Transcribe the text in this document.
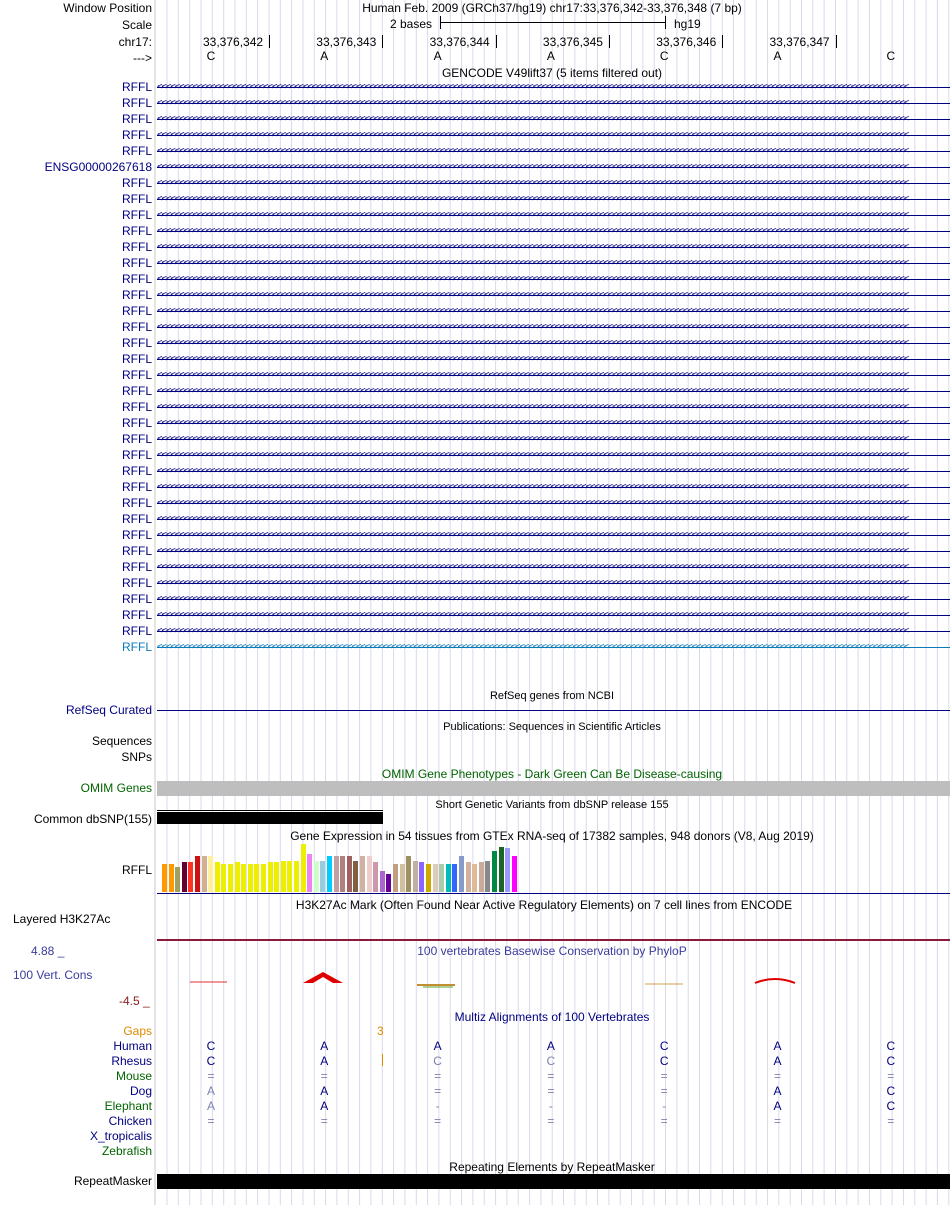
Window Position	Human Feb. 2009 (GRCh37/hg19) chr17:33,376,342-33,376,348 (7 bp)
Scale	2 bases	hg19
chr17:
--->
33,376,342	33,376,343	33,376,344	33,376,345	33,376,346	33,376,347
C	A	A	A	C	A	C
GENCODE V49lift37 (5 items filtered out)
RFFL <<<<<<<<<<<<<<<<<<<<<<<<<<<<<<<<<<<<<<<<<<<<<<<<<<<<<<<<<<<<<<<<<<<<<<<<<<<<<<<<<<<<<<<<<<<<<<<<<<<<<<<<<<<<<<<<<<<<<<<<<<<<<<<<<<<<<<<<<<<<<<<<<<<<<<<<<<<<<<<<<<<<<<<<<<
RFFL <<<<<<<<<<<<<<<<<<<<<<<<<<<<<<<<<<<<<<<<<<<<<<<<<<<<<<<<<<<<<<<<<<<<<<<<<<<<<<<<<<<<<<<<<<<<<<<<<<<<<<<<<<<<<<<<<<<<<<<<<<<<<<<<<<<<<<<<<<<<<<<<<<<<<<<<<<<<<<<<<<<<<<<<<<
RFFL <<<<<<<<<<<<<<<<<<<<<<<<<<<<<<<<<<<<<<<<<<<<<<<<<<<<<<<<<<<<<<<<<<<<<<<<<<<<<<<<<<<<<<<<<<<<<<<<<<<<<<<<<<<<<<<<<<<<<<<<<<<<<<<<<<<<<<<<<<<<<<<<<<<<<<<<<<<<<<<<<<<<<<<<<<
RFFL <<<<<<<<<<<<<<<<<<<<<<<<<<<<<<<<<<<<<<<<<<<<<<<<<<<<<<<<<<<<<<<<<<<<<<<<<<<<<<<<<<<<<<<<<<<<<<<<<<<<<<<<<<<<<<<<<<<<<<<<<<<<<<<<<<<<<<<<<<<<<<<<<<<<<<<<<<<<<<<<<<<<<<<<<<
RFFL <<<<<<<<<<<<<<<<<<<<<<<<<<<<<<<<<<<<<<<<<<<<<<<<<<<<<<<<<<<<<<<<<<<<<<<<<<<<<<<<<<<<<<<<<<<<<<<<<<<<<<<<<<<<<<<<<<<<<<<<<<<<<<<<<<<<<<<<<<<<<<<<<<<<<<<<<<<<<<<<<<<<<<<<<<
ENSG00000267618 <<<<<<<<<<<<<<<<<<<<<<<<<<<<<<<<<<<<<<<<<<<<<<<<<<<<<<<<<<<<<<<<<<<<<<<<<<<<<<<<<<<<<<<<<<<<<<<<<<<<<<<<<<<<<<<<<<<<<<<<<<<<<<<<<<<<<<<<<<<<<<<<<<<<<<<<<<<<<<<<<<<<<<<<<<
RFFL <<<<<<<<<<<<<<<<<<<<<<<<<<<<<<<<<<<<<<<<<<<<<<<<<<<<<<<<<<<<<<<<<<<<<<<<<<<<<<<<<<<<<<<<<<<<<<<<<<<<<<<<<<<<<<<<<<<<<<<<<<<<<<<<<<<<<<<<<<<<<<<<<<<<<<<<<<<<<<<<<<<<<<<<<<
RFFL <<<<<<<<<<<<<<<<<<<<<<<<<<<<<<<<<<<<<<<<<<<<<<<<<<<<<<<<<<<<<<<<<<<<<<<<<<<<<<<<<<<<<<<<<<<<<<<<<<<<<<<<<<<<<<<<<<<<<<<<<<<<<<<<<<<<<<<<<<<<<<<<<<<<<<<<<<<<<<<<<<<<<<<<<<
RFFL <<<<<<<<<<<<<<<<<<<<<<<<<<<<<<<<<<<<<<<<<<<<<<<<<<<<<<<<<<<<<<<<<<<<<<<<<<<<<<<<<<<<<<<<<<<<<<<<<<<<<<<<<<<<<<<<<<<<<<<<<<<<<<<<<<<<<<<<<<<<<<<<<<<<<<<<<<<<<<<<<<<<<<<<<<
RFFL <<<<<<<<<<<<<<<<<<<<<<<<<<<<<<<<<<<<<<<<<<<<<<<<<<<<<<<<<<<<<<<<<<<<<<<<<<<<<<<<<<<<<<<<<<<<<<<<<<<<<<<<<<<<<<<<<<<<<<<<<<<<<<<<<<<<<<<<<<<<<<<<<<<<<<<<<<<<<<<<<<<<<<<<<<
RFFL <<<<<<<<<<<<<<<<<<<<<<<<<<<<<<<<<<<<<<<<<<<<<<<<<<<<<<<<<<<<<<<<<<<<<<<<<<<<<<<<<<<<<<<<<<<<<<<<<<<<<<<<<<<<<<<<<<<<<<<<<<<<<<<<<<<<<<<<<<<<<<<<<<<<<<<<<<<<<<<<<<<<<<<<<<
RFFL <<<<<<<<<<<<<<<<<<<<<<<<<<<<<<<<<<<<<<<<<<<<<<<<<<<<<<<<<<<<<<<<<<<<<<<<<<<<<<<<<<<<<<<<<<<<<<<<<<<<<<<<<<<<<<<<<<<<<<<<<<<<<<<<<<<<<<<<<<<<<<<<<<<<<<<<<<<<<<<<<<<<<<<<<<
RFFL <<<<<<<<<<<<<<<<<<<<<<<<<<<<<<<<<<<<<<<<<<<<<<<<<<<<<<<<<<<<<<<<<<<<<<<<<<<<<<<<<<<<<<<<<<<<<<<<<<<<<<<<<<<<<<<<<<<<<<<<<<<<<<<<<<<<<<<<<<<<<<<<<<<<<<<<<<<<<<<<<<<<<<<<<<
RFFL <<<<<<<<<<<<<<<<<<<<<<<<<<<<<<<<<<<<<<<<<<<<<<<<<<<<<<<<<<<<<<<<<<<<<<<<<<<<<<<<<<<<<<<<<<<<<<<<<<<<<<<<<<<<<<<<<<<<<<<<<<<<<<<<<<<<<<<<<<<<<<<<<<<<<<<<<<<<<<<<<<<<<<<<<<
RFFL <<<<<<<<<<<<<<<<<<<<<<<<<<<<<<<<<<<<<<<<<<<<<<<<<<<<<<<<<<<<<<<<<<<<<<<<<<<<<<<<<<<<<<<<<<<<<<<<<<<<<<<<<<<<<<<<<<<<<<<<<<<<<<<<<<<<<<<<<<<<<<<<<<<<<<<<<<<<<<<<<<<<<<<<<<
RFFL <<<<<<<<<<<<<<<<<<<<<<<<<<<<<<<<<<<<<<<<<<<<<<<<<<<<<<<<<<<<<<<<<<<<<<<<<<<<<<<<<<<<<<<<<<<<<<<<<<<<<<<<<<<<<<<<<<<<<<<<<<<<<<<<<<<<<<<<<<<<<<<<<<<<<<<<<<<<<<<<<<<<<<<<<<
RFFL <<<<<<<<<<<<<<<<<<<<<<<<<<<<<<<<<<<<<<<<<<<<<<<<<<<<<<<<<<<<<<<<<<<<<<<<<<<<<<<<<<<<<<<<<<<<<<<<<<<<<<<<<<<<<<<<<<<<<<<<<<<<<<<<<<<<<<<<<<<<<<<<<<<<<<<<<<<<<<<<<<<<<<<<<<
RFFL <<<<<<<<<<<<<<<<<<<<<<<<<<<<<<<<<<<<<<<<<<<<<<<<<<<<<<<<<<<<<<<<<<<<<<<<<<<<<<<<<<<<<<<<<<<<<<<<<<<<<<<<<<<<<<<<<<<<<<<<<<<<<<<<<<<<<<<<<<<<<<<<<<<<<<<<<<<<<<<<<<<<<<<<<<
RFFL <<<<<<<<<<<<<<<<<<<<<<<<<<<<<<<<<<<<<<<<<<<<<<<<<<<<<<<<<<<<<<<<<<<<<<<<<<<<<<<<<<<<<<<<<<<<<<<<<<<<<<<<<<<<<<<<<<<<<<<<<<<<<<<<<<<<<<<<<<<<<<<<<<<<<<<<<<<<<<<<<<<<<<<<<<
RFFL <<<<<<<<<<<<<<<<<<<<<<<<<<<<<<<<<<<<<<<<<<<<<<<<<<<<<<<<<<<<<<<<<<<<<<<<<<<<<<<<<<<<<<<<<<<<<<<<<<<<<<<<<<<<<<<<<<<<<<<<<<<<<<<<<<<<<<<<<<<<<<<<<<<<<<<<<<<<<<<<<<<<<<<<<<
RFFL <<<<<<<<<<<<<<<<<<<<<<<<<<<<<<<<<<<<<<<<<<<<<<<<<<<<<<<<<<<<<<<<<<<<<<<<<<<<<<<<<<<<<<<<<<<<<<<<<<<<<<<<<<<<<<<<<<<<<<<<<<<<<<<<<<<<<<<<<<<<<<<<<<<<<<<<<<<<<<<<<<<<<<<<<<
RFFL <<<<<<<<<<<<<<<<<<<<<<<<<<<<<<<<<<<<<<<<<<<<<<<<<<<<<<<<<<<<<<<<<<<<<<<<<<<<<<<<<<<<<<<<<<<<<<<<<<<<<<<<<<<<<<<<<<<<<<<<<<<<<<<<<<<<<<<<<<<<<<<<<<<<<<<<<<<<<<<<<<<<<<<<<<
RFFL <<<<<<<<<<<<<<<<<<<<<<<<<<<<<<<<<<<<<<<<<<<<<<<<<<<<<<<<<<<<<<<<<<<<<<<<<<<<<<<<<<<<<<<<<<<<<<<<<<<<<<<<<<<<<<<<<<<<<<<<<<<<<<<<<<<<<<<<<<<<<<<<<<<<<<<<<<<<<<<<<<<<<<<<<<
RFFL <<<<<<<<<<<<<<<<<<<<<<<<<<<<<<<<<<<<<<<<<<<<<<<<<<<<<<<<<<<<<<<<<<<<<<<<<<<<<<<<<<<<<<<<<<<<<<<<<<<<<<<<<<<<<<<<<<<<<<<<<<<<<<<<<<<<<<<<<<<<<<<<<<<<<<<<<<<<<<<<<<<<<<<<<<
RFFL <<<<<<<<<<<<<<<<<<<<<<<<<<<<<<<<<<<<<<<<<<<<<<<<<<<<<<<<<<<<<<<<<<<<<<<<<<<<<<<<<<<<<<<<<<<<<<<<<<<<<<<<<<<<<<<<<<<<<<<<<<<<<<<<<<<<<<<<<<<<<<<<<<<<<<<<<<<<<<<<<<<<<<<<<<
RFFL <<<<<<<<<<<<<<<<<<<<<<<<<<<<<<<<<<<<<<<<<<<<<<<<<<<<<<<<<<<<<<<<<<<<<<<<<<<<<<<<<<<<<<<<<<<<<<<<<<<<<<<<<<<<<<<<<<<<<<<<<<<<<<<<<<<<<<<<<<<<<<<<<<<<<<<<<<<<<<<<<<<<<<<<<<
RFFL <<<<<<<<<<<<<<<<<<<<<<<<<<<<<<<<<<<<<<<<<<<<<<<<<<<<<<<<<<<<<<<<<<<<<<<<<<<<<<<<<<<<<<<<<<<<<<<<<<<<<<<<<<<<<<<<<<<<<<<<<<<<<<<<<<<<<<<<<<<<<<<<<<<<<<<<<<<<<<<<<<<<<<<<<<
RFFL <<<<<<<<<<<<<<<<<<<<<<<<<<<<<<<<<<<<<<<<<<<<<<<<<<<<<<<<<<<<<<<<<<<<<<<<<<<<<<<<<<<<<<<<<<<<<<<<<<<<<<<<<<<<<<<<<<<<<<<<<<<<<<<<<<<<<<<<<<<<<<<<<<<<<<<<<<<<<<<<<<<<<<<<<<
RFFL <<<<<<<<<<<<<<<<<<<<<<<<<<<<<<<<<<<<<<<<<<<<<<<<<<<<<<<<<<<<<<<<<<<<<<<<<<<<<<<<<<<<<<<<<<<<<<<<<<<<<<<<<<<<<<<<<<<<<<<<<<<<<<<<<<<<<<<<<<<<<<<<<<<<<<<<<<<<<<<<<<<<<<<<<<
RFFL <<<<<<<<<<<<<<<<<<<<<<<<<<<<<<<<<<<<<<<<<<<<<<<<<<<<<<<<<<<<<<<<<<<<<<<<<<<<<<<<<<<<<<<<<<<<<<<<<<<<<<<<<<<<<<<<<<<<<<<<<<<<<<<<<<<<<<<<<<<<<<<<<<<<<<<<<<<<<<<<<<<<<<<<<<
RFFL <<<<<<<<<<<<<<<<<<<<<<<<<<<<<<<<<<<<<<<<<<<<<<<<<<<<<<<<<<<<<<<<<<<<<<<<<<<<<<<<<<<<<<<<<<<<<<<<<<<<<<<<<<<<<<<<<<<<<<<<<<<<<<<<<<<<<<<<<<<<<<<<<<<<<<<<<<<<<<<<<<<<<<<<<<
RFFL <<<<<<<<<<<<<<<<<<<<<<<<<<<<<<<<<<<<<<<<<<<<<<<<<<<<<<<<<<<<<<<<<<<<<<<<<<<<<<<<<<<<<<<<<<<<<<<<<<<<<<<<<<<<<<<<<<<<<<<<<<<<<<<<<<<<<<<<<<<<<<<<<<<<<<<<<<<<<<<<<<<<<<<<<<
RFFL <<<<<<<<<<<<<<<<<<<<<<<<<<<<<<<<<<<<<<<<<<<<<<<<<<<<<<<<<<<<<<<<<<<<<<<<<<<<<<<<<<<<<<<<<<<<<<<<<<<<<<<<<<<<<<<<<<<<<<<<<<<<<<<<<<<<<<<<<<<<<<<<<<<<<<<<<<<<<<<<<<<<<<<<<<
RFFL <<<<<<<<<<<<<<<<<<<<<<<<<<<<<<<<<<<<<<<<<<<<<<<<<<<<<<<<<<<<<<<<<<<<<<<<<<<<<<<<<<<<<<<<<<<<<<<<<<<<<<<<<<<<<<<<<<<<<<<<<<<<<<<<<<<<<<<<<<<<<<<<<<<<<<<<<<<<<<<<<<<<<<<<<<
RFFL <<<<<<<<<<<<<<<<<<<<<<<<<<<<<<<<<<<<<<<<<<<<<<<<<<<<<<<<<<<<<<<<<<<<<<<<<<<<<<<<<<<<<<<<<<<<<<<<<<<<<<<<<<<<<<<<<<<<<<<<<<<<<<<<<<<<<<<<<<<<<<<<<<<<<<<<<<<<<<<<<<<<<<<<<<
RFFL <<<<<<<<<<<<<<<<<<<<<<<<<<<<<<<<<<<<<<<<<<<<<<<<<<<<<<<<<<<<<<<<<<<<<<<<<<<<<<<<<<<<<<<<<<<<<<<<<<<<<<<<<<<<<<<<<<<<<<<<<<<<<<<<<<<<<<<<<<<<<<<<<<<<<<<<<<<<<<<<<<<<<<<<<<
RefSeq genes from NCBI
RefSeq Curated
Publications: Sequences in Scientific Articles
Sequences
SNPs
OMIM Gene Phenotypes - Dark Green Can Be Disease-causing
OMIM Genes
Short Genetic Variants from dbSNP release 155
Common dbSNP(155)
Gene Expression in 54 tissues from GTEx RNA-seq of 17382 samples, 948 donors (V8, Aug 2019)
RFFL
H3K27Ac Mark (Often Found Near Active Regulatory Elements) on 7 cell lines from ENCODE
Layered H3K27Ac
100 vertebrates Basewise Conservation by PhyloP
4.88 _
100 Vert. Cons
-4.5 _
Multiz Alignments of 100 Vertebrates
Gaps	3
Human	C	A	A	A	C	A	C
Rhesus	C	A	C	C	C	A	C
Mouse	=	=	=	=	=	=	=
Dog	A	A	=	=	=	A	C
Elephant	A	A	-	-	-	A	C
Chicken	=	=	=	=	=	=	=
X_tropicalis
Zebrafish
Repeating Elements by RepeatMasker
RepeatMasker
